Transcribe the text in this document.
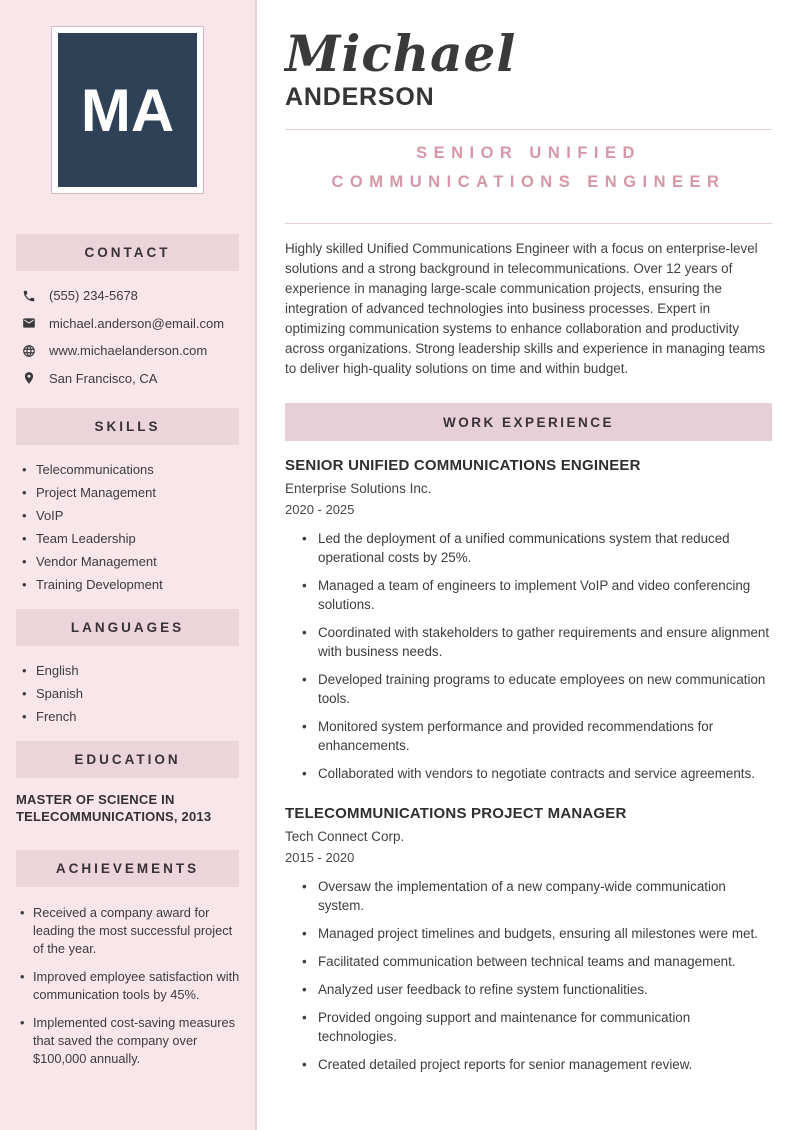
MA
CONTACT
(555) 234-5678
michael.anderson@email.com
www.michaelanderson.com
San Francisco, CA
SKILLS
• Telecommunications
• Project Management
• VoIP
• Team Leadership
• Vendor Management
• Training Development
LANGUAGES
• English
• Spanish
• French
EDUCATION
MASTER OF SCIENCE IN TELECOMMUNICATIONS, 2013
ACHIEVEMENTS
• Received a company award for leading the most successful project of the year.
• Improved employee satisfaction with communication tools by 45%.
• Implemented cost-saving measures that saved the company over $100,000 annually.
Michael
ANDERSON
SENIOR UNIFIED COMMUNICATIONS ENGINEER

Highly skilled Unified Communications Engineer with a focus on enterprise-level solutions and a strong background in telecommunications. Over 12 years of experience in managing large-scale communication projects, ensuring the integration of advanced technologies into business processes. Expert in optimizing communication systems to enhance collaboration and productivity across organizations. Strong leadership skills and experience in managing teams to deliver high-quality solutions on time and within budget.

WORK EXPERIENCE
SENIOR UNIFIED COMMUNICATIONS ENGINEER
Enterprise Solutions Inc.
2020 - 2025
• Led the deployment of a unified communications system that reduced operational costs by 25%.
• Managed a team of engineers to implement VoIP and video conferencing solutions.
• Coordinated with stakeholders to gather requirements and ensure alignment with business needs.
• Developed training programs to educate employees on new communication tools.
• Monitored system performance and provided recommendations for enhancements.
• Collaborated with vendors to negotiate contracts and service agreements.
TELECOMMUNICATIONS PROJECT MANAGER
Tech Connect Corp.
2015 - 2020
• Oversaw the implementation of a new company-wide communication system.
• Managed project timelines and budgets, ensuring all milestones were met.
• Facilitated communication between technical teams and management.
• Analyzed user feedback to refine system functionalities.
• Provided ongoing support and maintenance for communication technologies.
• Created detailed project reports for senior management review.
